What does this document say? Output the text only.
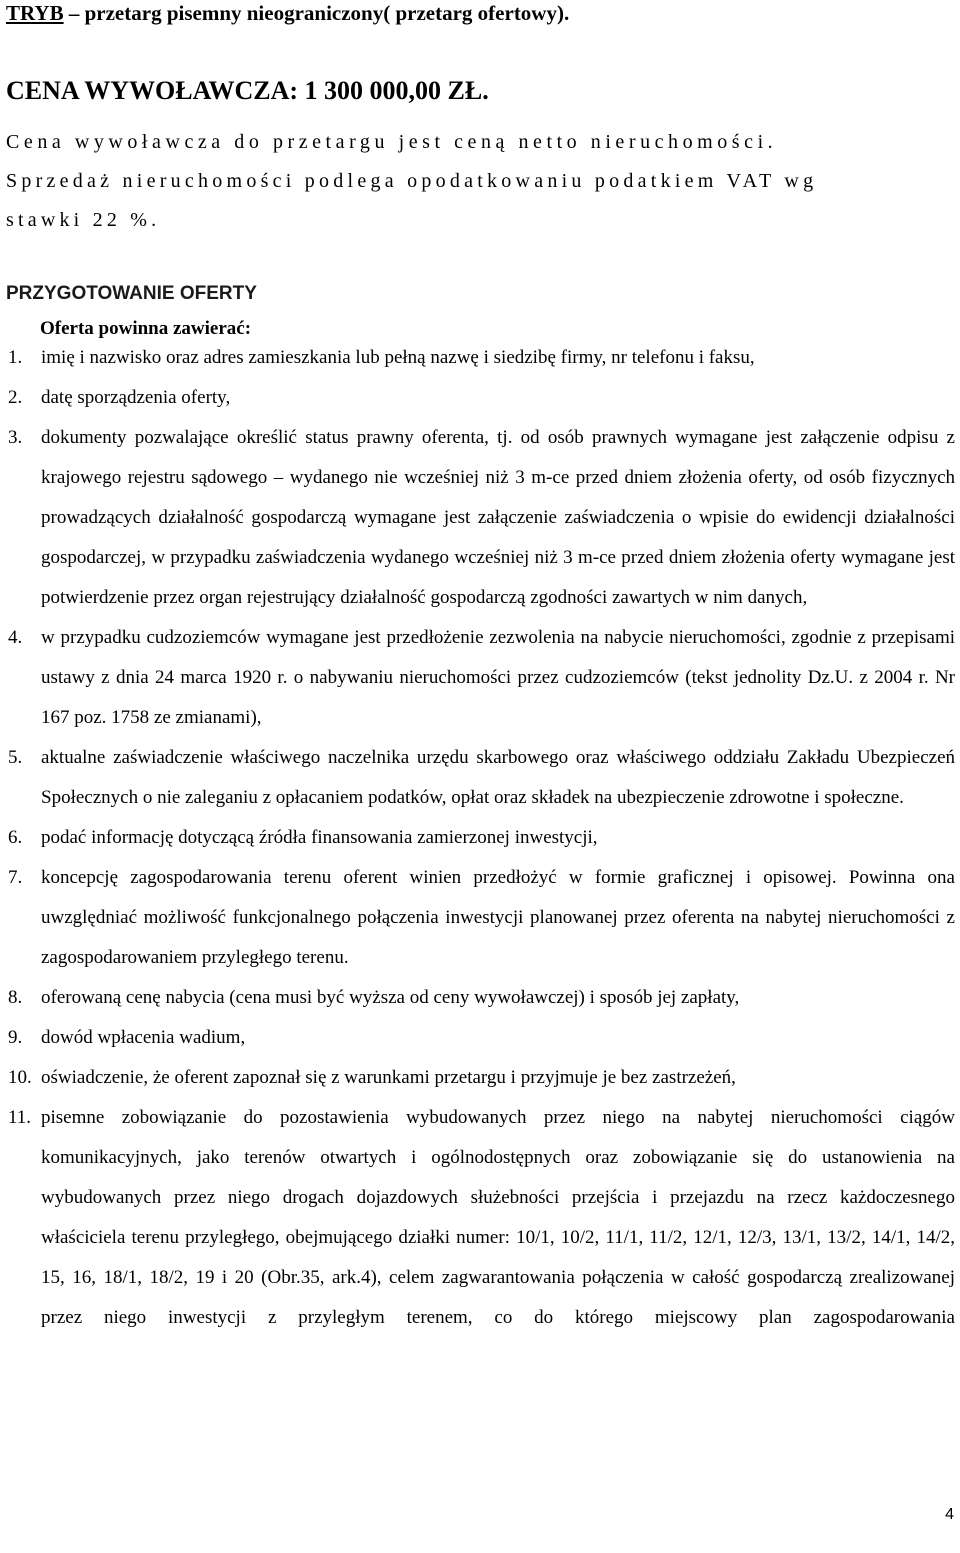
TRYB – przetarg pisemny nieograniczony( przetarg ofertowy).
CENA WYWOŁAWCZA: 1 300 000,00 ZŁ.
Cena wywoławcza do przetargu jest ceną netto nieruchomości.
Sprzedaż nieruchomości podlega opodatkowaniu podatkiem VAT wg
stawki 22 %.
PRZYGOTOWANIE OFERTY
Oferta powinna zawierać:
1. imię i nazwisko oraz adres zamieszkania lub pełną nazwę i siedzibę firmy, nr telefonu i faksu,
2. datę sporządzenia oferty,
3. dokumenty pozwalające określić status prawny oferenta, tj. od osób prawnych wymagane jest załączenie odpisu z krajowego rejestru sądowego – wydanego nie wcześniej niż 3 m-ce przed dniem złożenia oferty, od osób fizycznych prowadzących działalność gospodarczą wymagane jest załączenie zaświadczenia o wpisie do ewidencji działalności gospodarczej, w przypadku zaświadczenia wydanego wcześniej niż 3 m-ce przed dniem złożenia oferty wymagane jest potwierdzenie przez organ rejestrujący działalność gospodarczą zgodności zawartych w nim danych,
4. w przypadku cudzoziemców wymagane jest przedłożenie zezwolenia na nabycie nieruchomości, zgodnie z przepisami ustawy z dnia 24 marca 1920 r. o nabywaniu nieruchomości przez cudzoziemców (tekst jednolity Dz.U. z 2004 r. Nr 167 poz. 1758 ze zmianami),
5. aktualne zaświadczenie właściwego naczelnika urzędu skarbowego oraz właściwego oddziału Zakładu Ubezpieczeń Społecznych o nie zaleganiu z opłacaniem podatków, opłat oraz składek na ubezpieczenie zdrowotne i społeczne.
6. podać informację dotyczącą źródła finansowania zamierzonej inwestycji,
7. koncepcję zagospodarowania terenu oferent winien przedłożyć w formie graficznej i opisowej. Powinna ona uwzględniać możliwość funkcjonalnego połączenia inwestycji planowanej przez oferenta na nabytej nieruchomości z zagospodarowaniem przyległego terenu.
8. oferowaną cenę nabycia (cena musi być wyższa od ceny wywoławczej) i sposób jej zapłaty,
9. dowód wpłacenia wadium,
10. oświadczenie, że oferent zapoznał się z warunkami przetargu i przyjmuje je bez zastrzeżeń,
11. pisemne zobowiązanie do pozostawienia wybudowanych przez niego na nabytej nieruchomości ciągów komunikacyjnych, jako terenów otwartych i ogólnodostępnych oraz zobowiązanie się do ustanowienia na wybudowanych przez niego drogach dojazdowych służebności przejścia i przejazdu na rzecz każdoczesnego właściciela terenu przyległego, obejmującego działki numer: 10/1, 10/2, 11/1, 11/2, 12/1, 12/3, 13/1, 13/2, 14/1, 14/2, 15, 16, 18/1, 18/2, 19 i 20 (Obr.35, ark.4), celem zagwarantowania połączenia w całość gospodarczą zrealizowanej przez niego inwestycji z przyległym terenem, co do którego miejscowy plan zagospodarowania
4
